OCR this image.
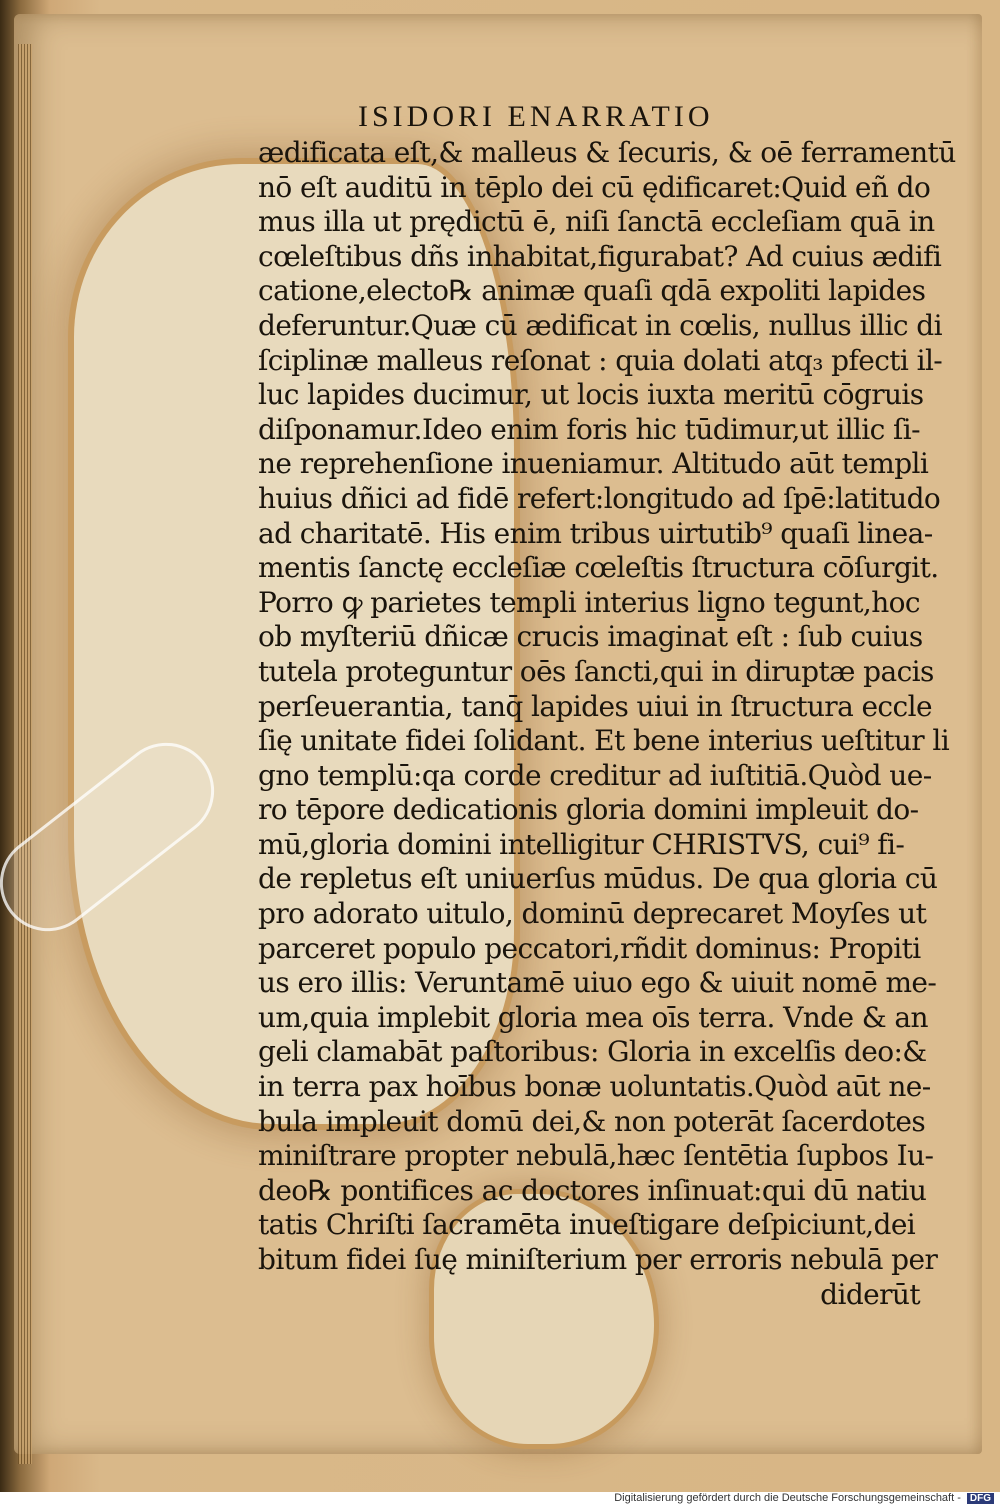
ISIDORI ENARRATIO
ædificata eſt,& malleus & ſecuris, & oē ferramentū
nō eſt auditū in tēplo dei cū ędificaret:Quid eñ do
mus illa ut prędictū ē, niſi ſanctā eccleſiam quā in
cœleſtibus dñs inhabitat,figurabat? Ad cuius ædifi
catione,electo℞ animæ quaſi qdā expoliti lapides
deferuntur.Quæ cū ædificat in cœlis, nullus illic di
ſciplinæ malleus reſonat : quia dolati atq₃ pfecti il-
luc lapides ducimur, ut locis iuxta meritū cōgruis
diſponamur.Ideo enim foris hic tūdimur,ut illic ſi-
ne reprehenſione inueniamur. Altitudo aūt templi
huius dñici ad fidē refert:longitudo ad ſpē:latitudo
ad charitatē. His enim tribus uirtutib⁹ quaſi linea-
mentis ſanctę eccleſiæ cœleſtis ſtructura cōſurgit.
Porro ꝙ parietes templi interius ligno tegunt,hoc
ob myſteriū dñicæ crucis imaginat̄ eſt : ſub cuius
tutela proteguntur oēs ſancti,qui in diruptæ pacis
perſeuerantia, tanq̄ lapides uiui in ſtructura eccle
ſię unitate fidei ſolidant. Et bene interius ueſtitur li
gno templū:qa corde creditur ad iuſtitiā.Quòd ue-
ro tēpore dedicationis gloria domini impleuit do-
mū,gloria domini intelligitur CHRISTVS, cui⁹ fi-
de repletus eſt uniuerſus mūdus. De qua gloria cū
pro adorato uitulo, dominū deprecaret Moyſes ut
parceret populo peccatori,rñdit dominus: Propiti
us ero illis: Veruntamē uiuo ego & uiuit nomē me-
um,quia implebit gloria mea oīs terra. Vnde & an
geli clamabāt paſtoribus: Gloria in excelſis deo:&
in terra pax hoībus bonæ uoluntatis.Quòd aūt ne-
bula impleuit domū dei,& non poterāt ſacerdotes
miniſtrare propter nebulā,hæc ſentētia ſupbos Iu-
deo℞ pontifices ac doctores inſinuat:qui dū natiu
tatis Chriſti ſacramēta inueſtigare deſpiciunt,dei
bitum fidei ſuę miniſterium per erroris nebulā per
diderūt
Digitalisierung gefördert durch die Deutsche Forschungsgemeinschaft - DFG
